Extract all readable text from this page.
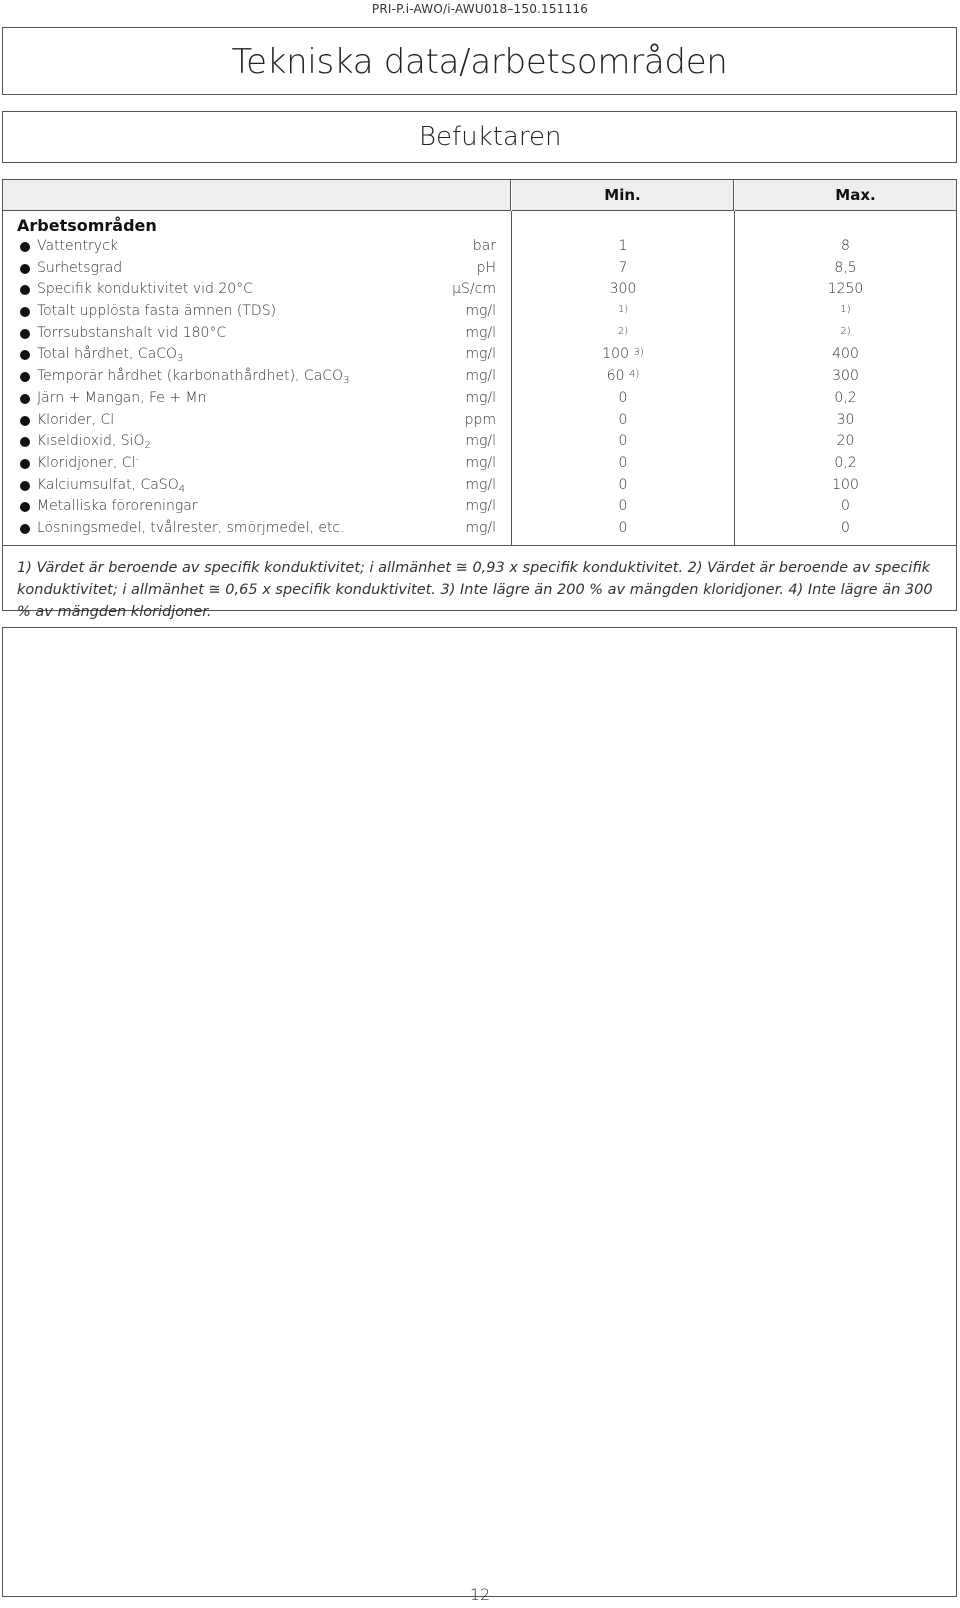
PRI-P.i-AWO/i-AWU018–150.151116
Tekniska data/arbetsområden
Befuktaren
Min.	Max.
Arbetsområden
Vattentryck	bar	1	8
Surhetsgrad	pH	7	8,5
Specifik konduktivitet vid 20°C	μS/cm	300	1250
Totalt upplösta fasta ämnen (TDS)	mg/l	$^{1)}$	$^{1)}$
Torrsubstanshalt vid 180°C	mg/l	$^{2)}$	$^{2)}$
Total hårdhet, CaCO$_3$	mg/l	100 $^{3)}$	400
Temporär hårdhet (karbonathårdhet), CaCO$_3$	mg/l	60 $^{4)}$	300
Järn + Mangan, Fe + Mn	mg/l	0	0,2
Klorider, Cl	ppm	0	30
Kiseldioxid, SiO$_2$	mg/l	0	20
Kloridjoner, Cl-	mg/l	0	0,2
Kalciumsulfat, CaSO$_4$	mg/l	0	100
Metalliska föroreningar	mg/l	0	0
Lösningsmedel, tvålrester, smörjmedel, etc.	mg/l	0	0
1) Värdet är beroende av specifik konduktivitet; i allmänhet ≅ 0,93 x specifik konduktivitet. 2) Värdet är beroende av specifik konduktivitet; i allmänhet ≅ 0,65 x specifik konduktivitet. 3) Inte lägre än 200 % av mängden kloridjoner. 4) Inte lägre än 300 % av mängden kloridjoner.
12
